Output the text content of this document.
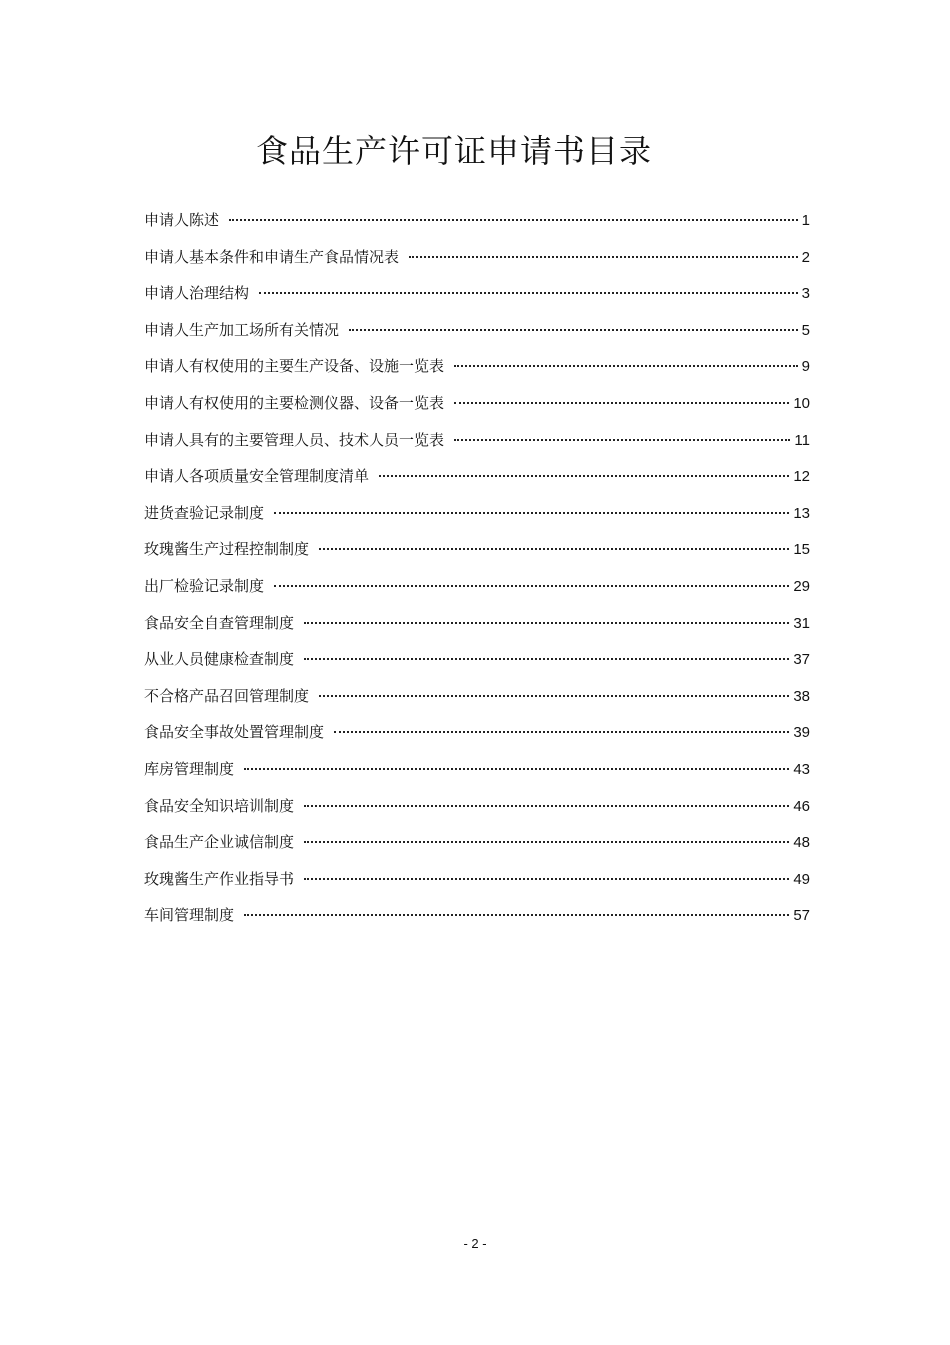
食品生产许可证申请书目录
申请人陈述	1
申请人基本条件和申请生产食品情况表	2
申请人治理结构	3
申请人生产加工场所有关情况	5
申请人有权使用的主要生产设备、设施一览表	9
申请人有权使用的主要检测仪器、设备一览表	10
申请人具有的主要管理人员、技术人员一览表	11
申请人各项质量安全管理制度清单	12
进货查验记录制度	13
玫瑰酱生产过程控制制度	15
出厂检验记录制度	29
食品安全自查管理制度	31
从业人员健康检查制度	37
不合格产品召回管理制度	38
食品安全事故处置管理制度	39
库房管理制度	43
食品安全知识培训制度	46
食品生产企业诚信制度	48
玫瑰酱生产作业指导书	49
车间管理制度	57
- 2 -
